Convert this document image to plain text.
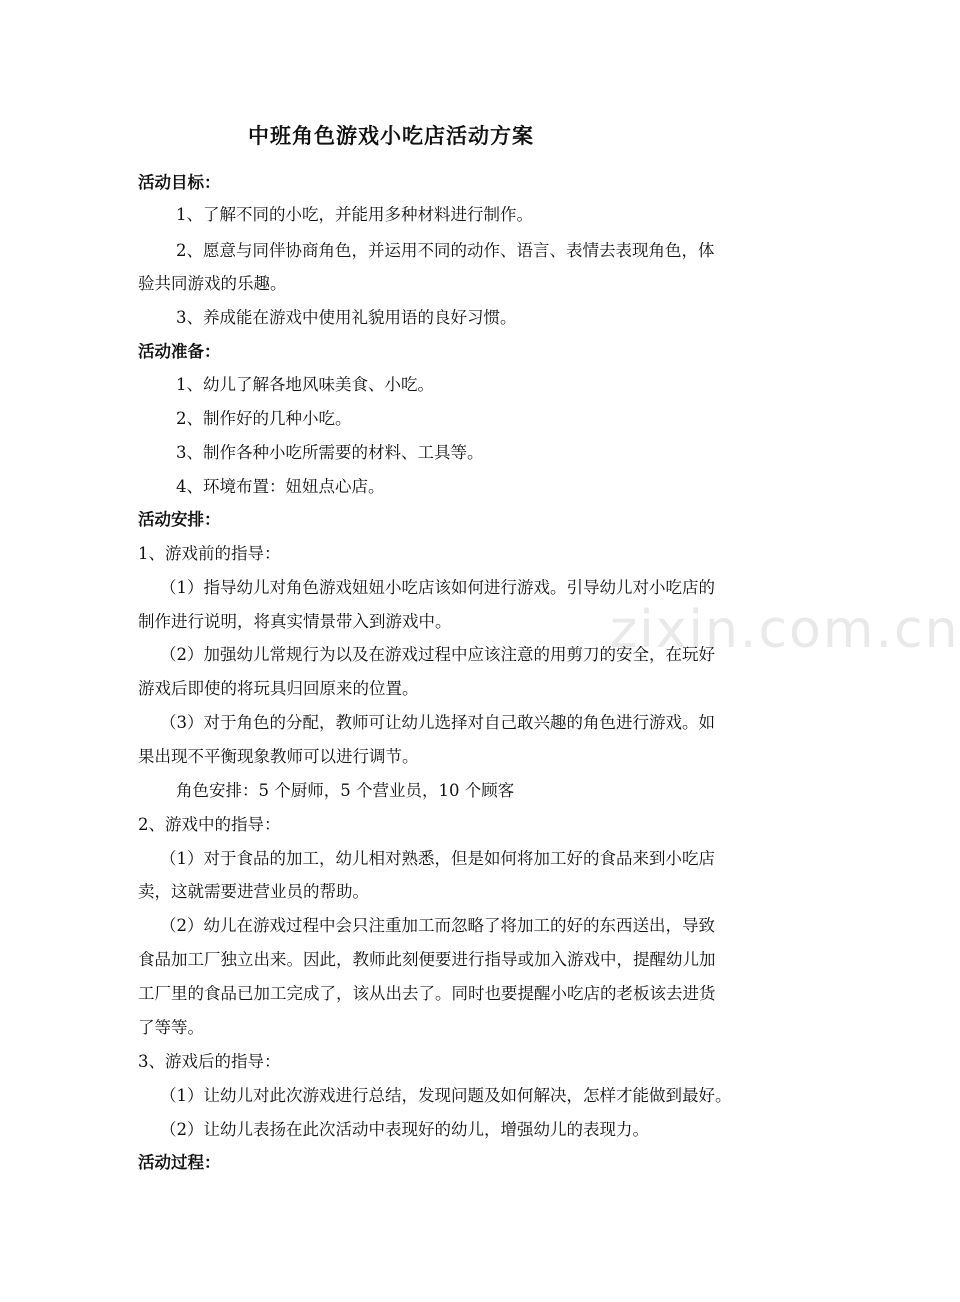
zixin.com.cn
中班角色游戏小吃店活动方案
活动目标：
1、了解不同的小吃，并能用多种材料进行制作。
2、愿意与同伴协商角色，并运用不同的动作、语言、表情去表现角色，体
验共同游戏的乐趣。
3、养成能在游戏中使用礼貌用语的良好习惯。
活动准备：
1、幼儿了解各地风味美食、小吃。
2、制作好的几种小吃。
3、制作各种小吃所需要的材料、工具等。
4、环境布置：妞妞点心店。
活动安排：
1、游戏前的指导：
（1）指导幼儿对角色游戏妞妞小吃店该如何进行游戏。引导幼儿对小吃店的
制作进行说明，将真实情景带入到游戏中。
（2）加强幼儿常规行为以及在游戏过程中应该注意的用剪刀的安全，在玩好
游戏后即使的将玩具归回原来的位置。
（3）对于角色的分配，教师可让幼儿选择对自己敢兴趣的角色进行游戏。如
果出现不平衡现象教师可以进行调节。
角色安排：5 个厨师，5 个营业员，10 个顾客
2、游戏中的指导：
（1）对于食品的加工，幼儿相对熟悉，但是如何将加工好的食品来到小吃店
卖，这就需要进营业员的帮助。
（2）幼儿在游戏过程中会只注重加工而忽略了将加工的好的东西送出，导致
食品加工厂独立出来。因此，教师此刻便要进行指导或加入游戏中，提醒幼儿加
工厂里的食品已加工完成了，该从出去了。同时也要提醒小吃店的老板该去进货
了等等。
3、游戏后的指导：
（1）让幼儿对此次游戏进行总结，发现问题及如何解决，怎样才能做到最好。
（2）让幼儿表扬在此次活动中表现好的幼儿，增强幼儿的表现力。
活动过程：
